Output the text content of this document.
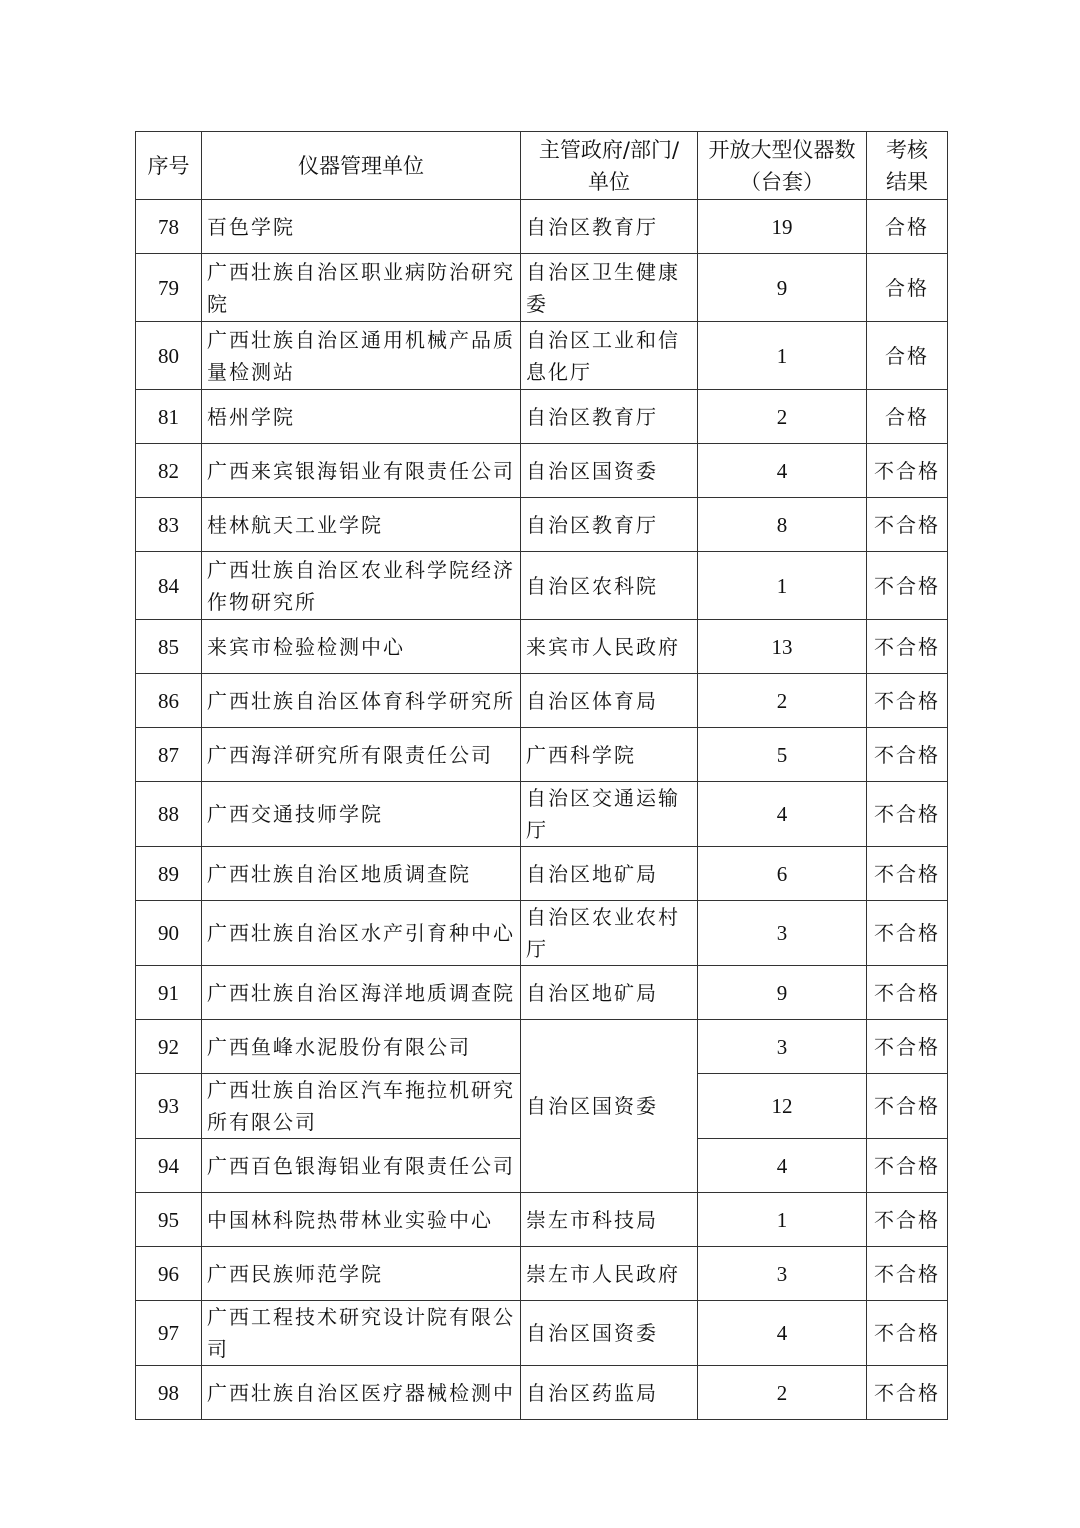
序号	仪器管理单位	主管政府/部门/单位	开放大型仪器数（台套）	考核结果
78	百色学院	自治区教育厅	19	合格
79	广西壮族自治区职业病防治研究院	自治区卫生健康委	9	合格
80	广西壮族自治区通用机械产品质量检测站	自治区工业和信息化厅	1	合格
81	梧州学院	自治区教育厅	2	合格
82	广西来宾银海铝业有限责任公司	自治区国资委	4	不合格
83	桂林航天工业学院	自治区教育厅	8	不合格
84	广西壮族自治区农业科学院经济作物研究所	自治区农科院	1	不合格
85	来宾市检验检测中心	来宾市人民政府	13	不合格
86	广西壮族自治区体育科学研究所	自治区体育局	2	不合格
87	广西海洋研究所有限责任公司	广西科学院	5	不合格
88	广西交通技师学院	自治区交通运输厅	4	不合格
89	广西壮族自治区地质调查院	自治区地矿局	6	不合格
90	广西壮族自治区水产引育种中心	自治区农业农村厅	3	不合格
91	广西壮族自治区海洋地质调查院	自治区地矿局	9	不合格
92	广西鱼峰水泥股份有限公司	自治区国资委	3	不合格
93	广西壮族自治区汽车拖拉机研究所有限公司		12	不合格
94	广西百色银海铝业有限责任公司		4	不合格
95	中国林科院热带林业实验中心	崇左市科技局	1	不合格
96	广西民族师范学院	崇左市人民政府	3	不合格
97	广西工程技术研究设计院有限公司	自治区国资委	4	不合格
98	广西壮族自治区医疗器械检测中	自治区药监局	2	不合格
